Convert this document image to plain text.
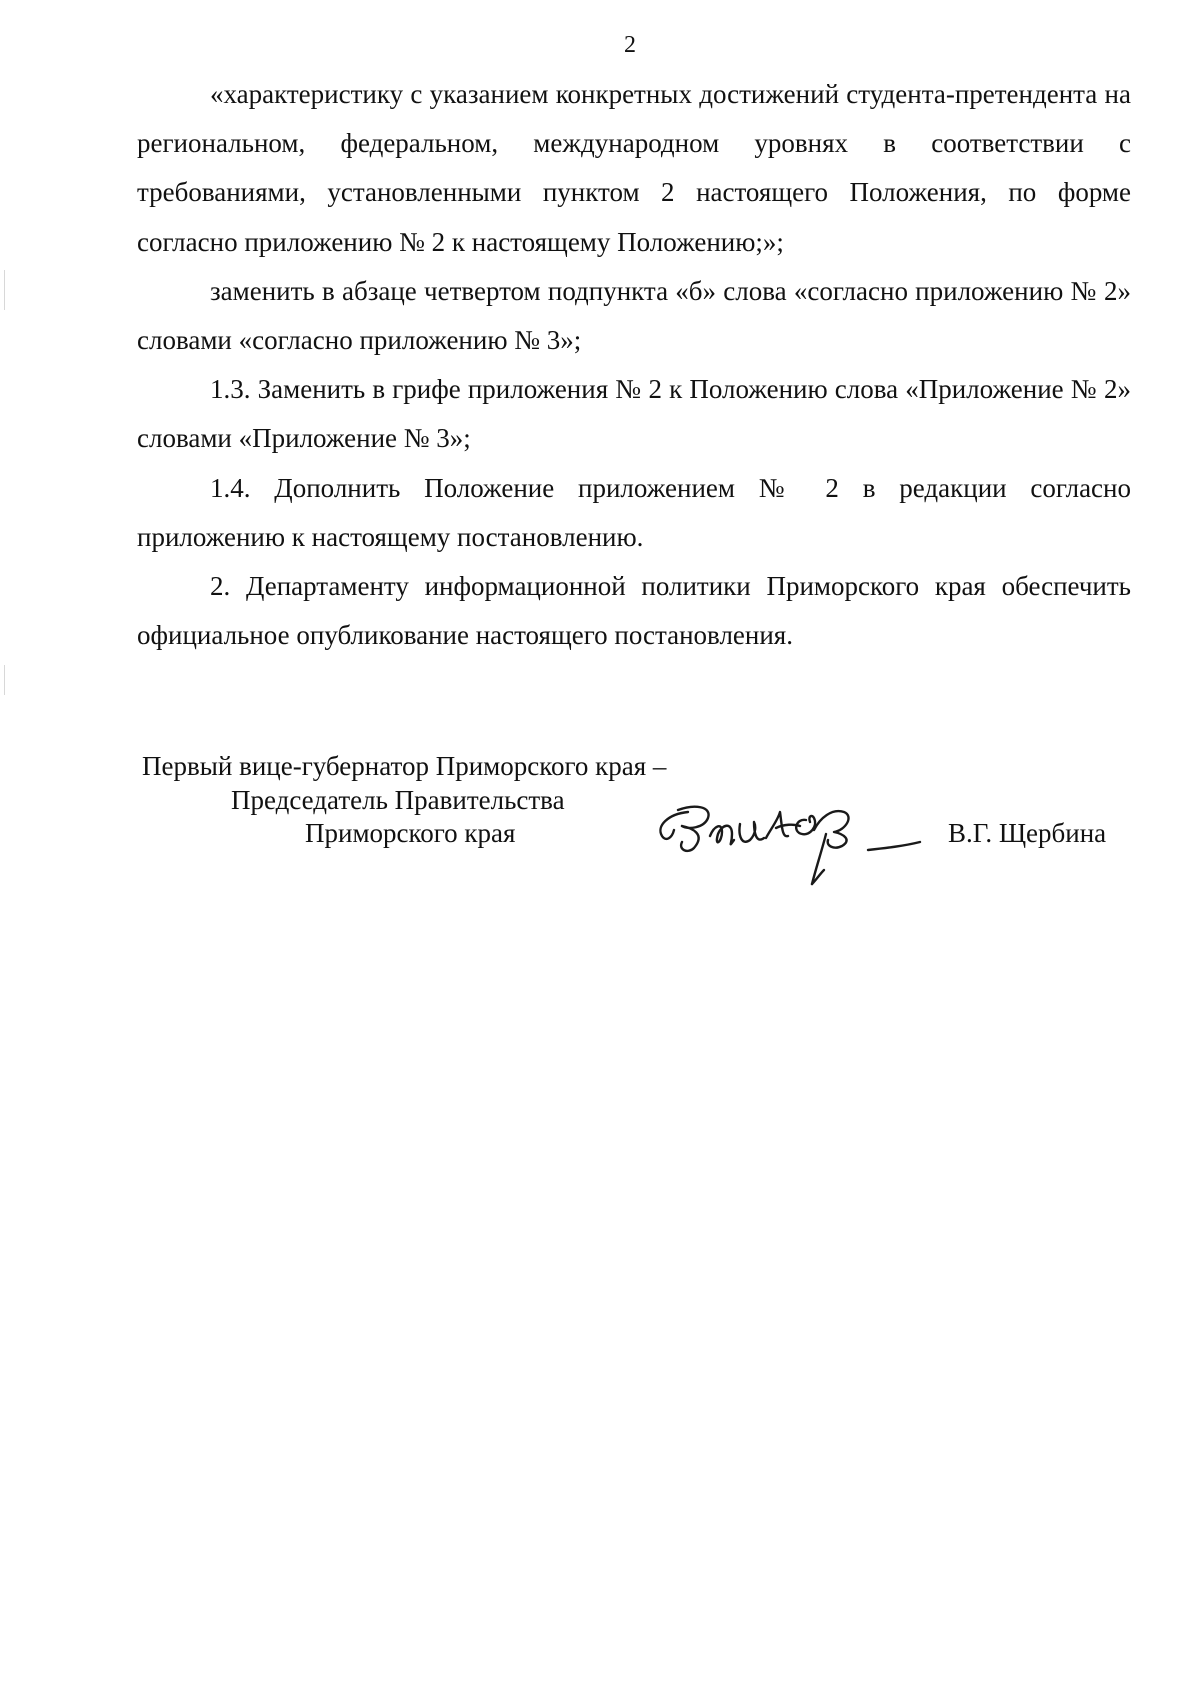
2

«характеристику с указанием конкретных достижений студента-претендента на региональном, федеральном, международном уровнях в соответствии с требованиями, установленными пунктом 2 настоящего Положения, по форме согласно приложению № 2 к настоящему Положению;»;

заменить в абзаце четвертом подпункта «б» слова «согласно приложению № 2» словами «согласно приложению № 3»;

1.3. Заменить в грифе приложения № 2 к Положению слова «Приложение № 2» словами «Приложение № 3»;

1.4. Дополнить Положение приложением № 2 в редакции согласно приложению к настоящему постановлению.

2. Департаменту информационной политики Приморского края обеспечить официальное опубликование настоящего постановления.

Первый вице-губернатор Приморского края –
Председатель Правительства
Приморского края	В.Г. Щербина
